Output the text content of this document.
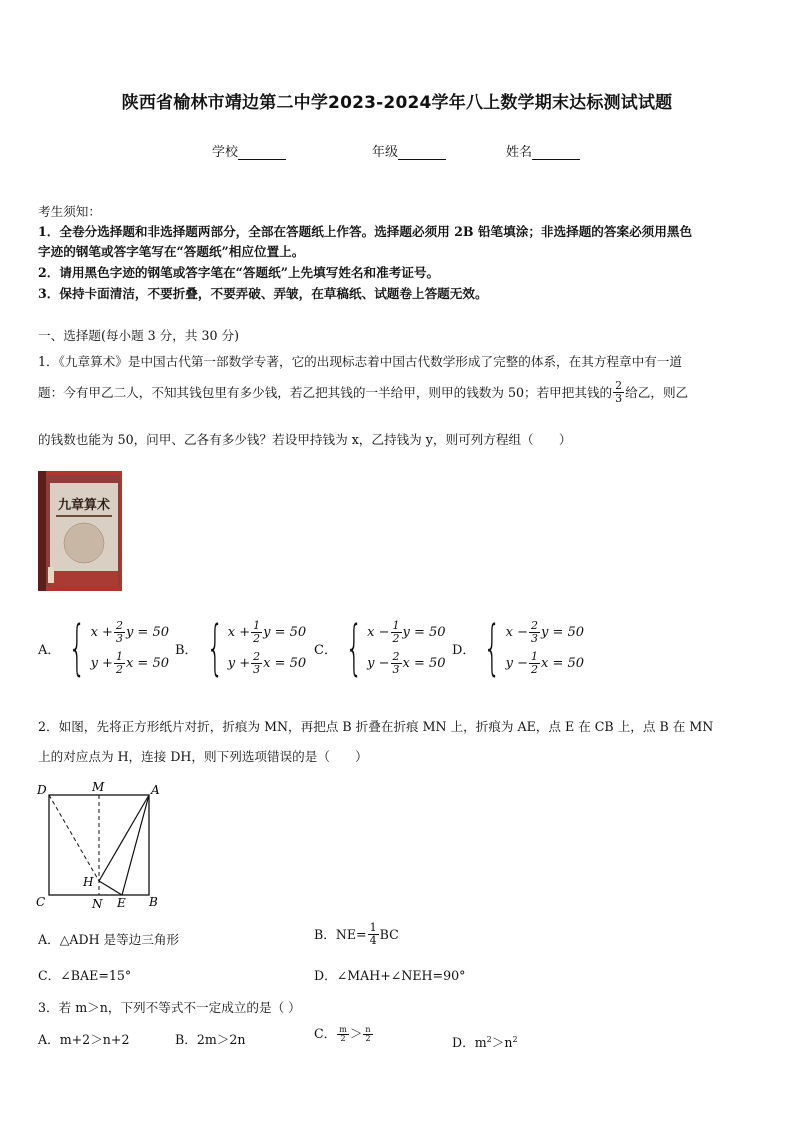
陕西省榆林市靖边第二中学2023-2024学年八上数学期末达标测试试题
学校	年级	姓名
考生须知：
1．全卷分选择题和非选择题两部分，全部在答题纸上作答。选择题必须用 2B 铅笔填涂；非选择题的答案必须用黑色
字迹的钢笔或答字笔写在“答题纸”相应位置上。
2．请用黑色字迹的钢笔或答字笔在“答题纸”上先填写姓名和准考证号。
3．保持卡面清洁，不要折叠，不要弄破、弄皱，在草稿纸、试题卷上答题无效。
一、选择题(每小题 3 分，共 30 分)
1．《九章算术》是中国古代第一部数学专著，它的出现标志着中国古代数学形成了完整的体系，在其方程章中有一道
题：今有甲乙二人，不知其钱包里有多少钱，若乙把其钱的一半给甲，则甲的钱数为 50；若甲把其钱的 $\frac{2}{3}$ 给乙，则乙
的钱数也能为 50，问甲、乙各有多少钱？若设甲持钱为 x，乙持钱为 y，则可列方程组（　　）
九章算术
A． { $x + \frac{2}{3}$ y = 50
$y + \frac{1}{2}$ x = 50
B． { $x + \frac{1}{2}$ y = 50
$y + \frac{2}{3}$ x = 50
C． { $x - \frac{1}{2}$ y = 50
$y - \frac{2}{3}$ x = 50
D． { $x - \frac{2}{3}$ y = 50
$y - \frac{1}{2}$ x = 50
2．如图，先将正方形纸片对折，折痕为 MN，再把点 B 折叠在折痕 MN 上，折痕为 AE，点 E 在 CB 上，点 B 在 MN
上的对应点为 H，连接 DH，则下列选项错误的是（　　）
D	M	A
H
C	N E B
A．△ADH 是等边三角形	B．$NE= \frac{1}{4}$ BC
C．∠BAE=15°	D．∠MAH+∠NEH=90°
3．若 m＞n，下列不等式不一定成立的是（ ）
A．m+2＞n+2	B．2m＞2n	C． $\frac{m}{2} > \frac{n}{2}$
D．$m^2>n^2$
